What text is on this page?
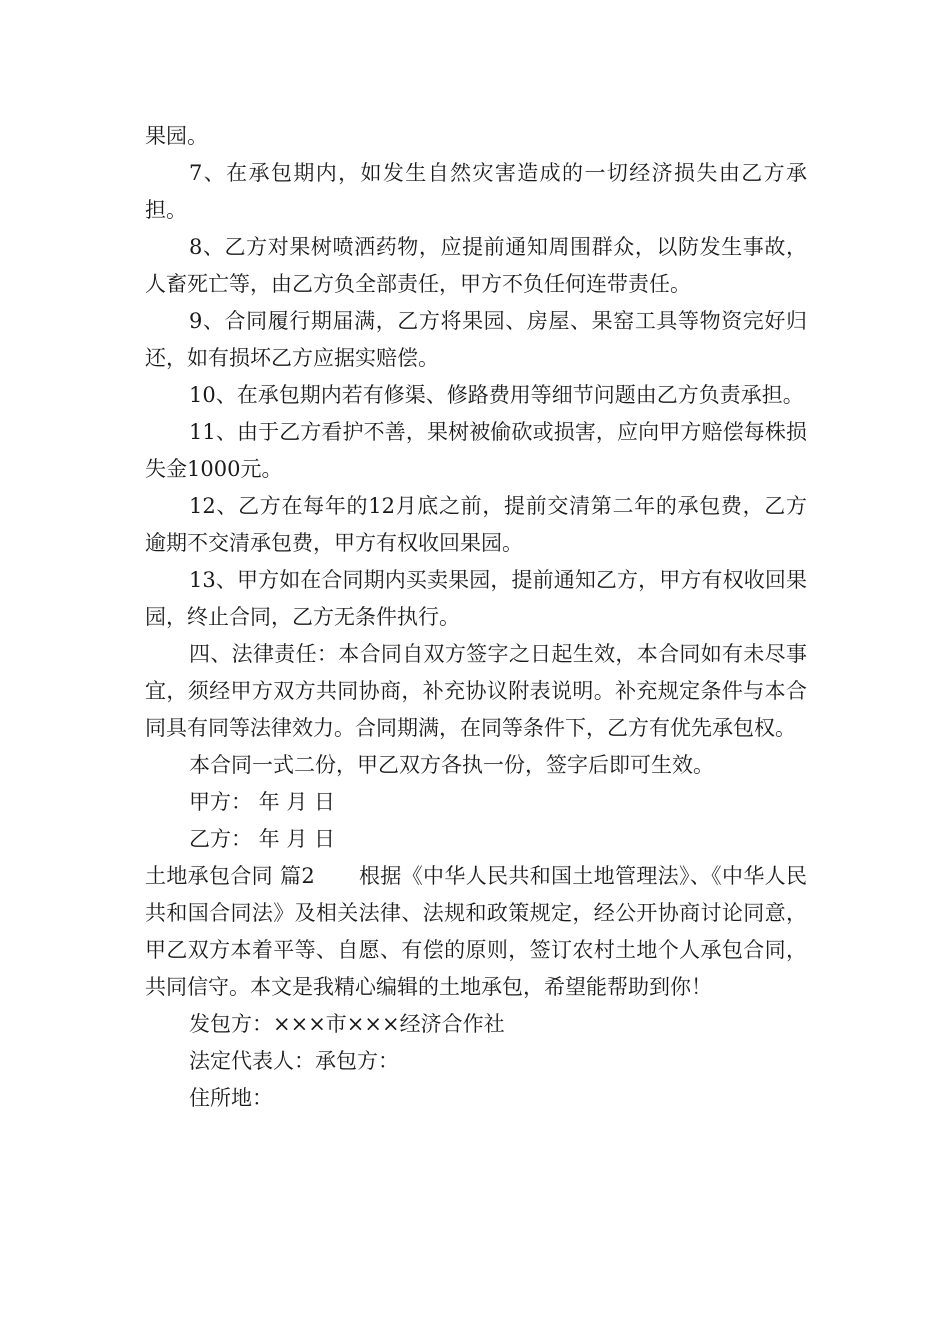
果园。

7、在承包期内，如发生自然灾害造成的一切经济损失由乙方承担。

8、乙方对果树喷洒药物，应提前通知周围群众，以防发生事故，人畜死亡等，由乙方负全部责任，甲方不负任何连带责任。

9、合同履行期届满，乙方将果园、房屋、果窑工具等物资完好归还，如有损坏乙方应据实赔偿。

10、在承包期内若有修渠、修路费用等细节问题由乙方负责承担。

11、由于乙方看护不善，果树被偷砍或损害，应向甲方赔偿每株损失金1000元。

12、乙方在每年的12月底之前，提前交清第二年的承包费，乙方逾期不交清承包费，甲方有权收回果园。

13、甲方如在合同期内买卖果园，提前通知乙方，甲方有权收回果园，终止合同，乙方无条件执行。

四、法律责任：本合同自双方签字之日起生效，本合同如有未尽事宜，须经甲方双方共同协商，补充协议附表说明。补充规定条件与本合同具有同等法律效力。合同期满，在同等条件下，乙方有优先承包权。

本合同一式二份，甲乙双方各执一份，签字后即可生效。

甲方： 年 月 日

乙方： 年 月 日

土地承包合同 篇2 根据《中华人民共和国土地管理法》、《中华人民共和国合同法》及相关法律、法规和政策规定，经公开协商讨论同意，甲乙双方本着平等、自愿、有偿的原则，签订农村土地个人承包合同，共同信守。本文是我精心编辑的土地承包，希望能帮助到你！

发包方：×××市×××经济合作社

法定代表人：承包方：

住所地：
